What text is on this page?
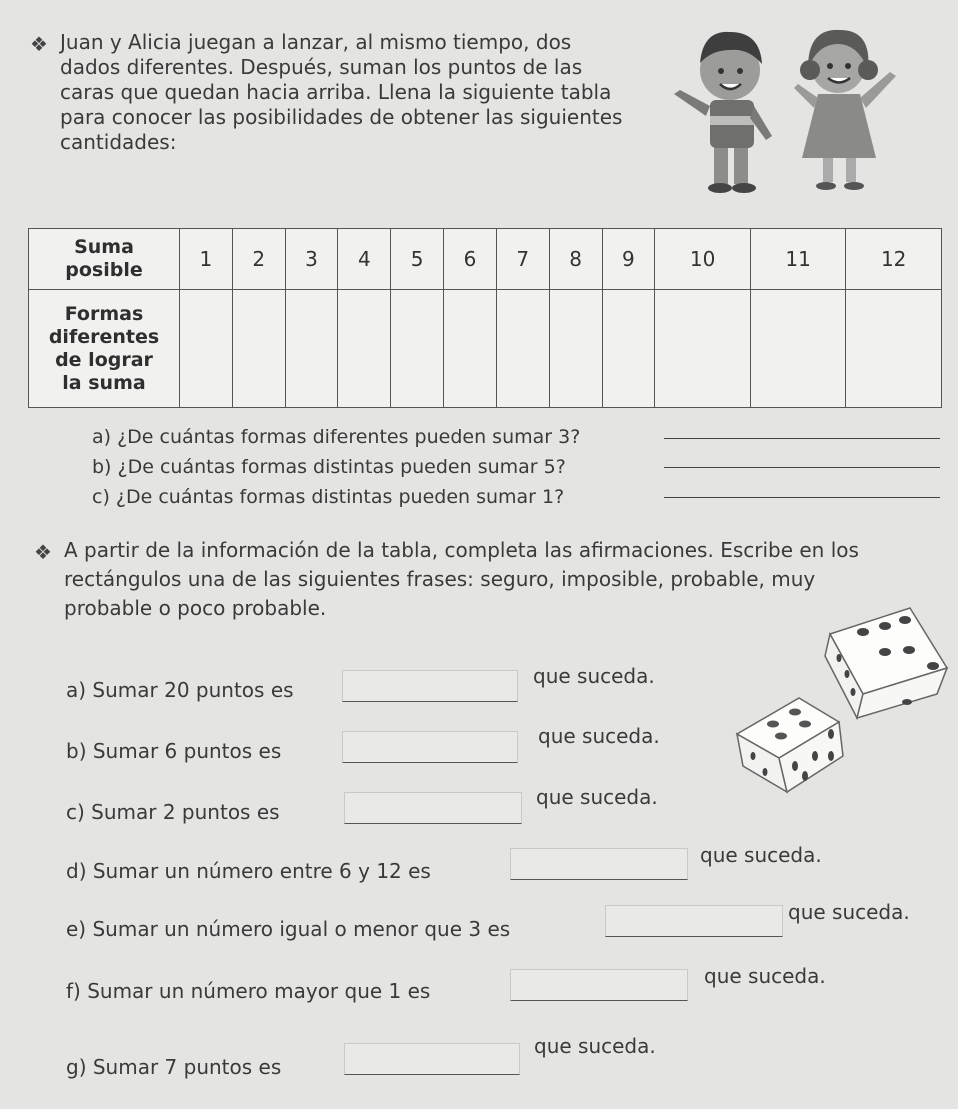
❖ Juan y Alicia juegan a lanzar, al mismo tiempo, dos
dados diferentes. Después, suman los puntos de las
caras que quedan hacia arriba. Llena la siguiente tabla
para conocer las posibilidades de obtener las siguientes
cantidades:
Suma
posible	1	2	3	4	5	6	7	8	9	10	11	12
Formas
diferentes
de lograr
la suma												
a) ¿De cuántas formas diferentes pueden sumar 3?
b) ¿De cuántas formas distintas pueden sumar 5?
c) ¿De cuántas formas distintas pueden sumar 1?
❖ A partir de la información de la tabla, completa las afirmaciones. Escribe en los
rectángulos una de las siguientes frases: seguro, imposible, probable, muy
probable o poco probable.
a) Sumar 20 puntos es
que suceda.
b) Sumar 6 puntos es
que suceda.
c) Sumar 2 puntos es
que suceda.
d) Sumar un número entre 6 y 12 es
que suceda.
e) Sumar un número igual o menor que 3 es
que suceda.
f) Sumar un número mayor que 1 es
que suceda.
g) Sumar 7 puntos es
que suceda.
